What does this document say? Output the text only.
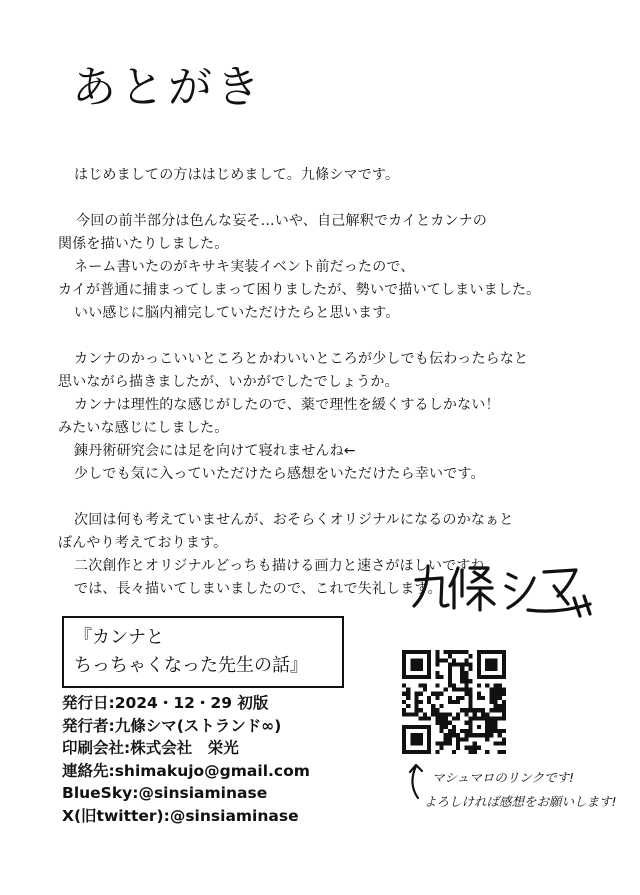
あとがき
はじめましての方ははじめまして。九條シマです。
今回の前半部分は色んな妄そ…いや、自己解釈でカイとカンナの
関係を描いたりしました。
ネーム書いたのがキサキ実装イベント前だったので、
カイが普通に捕まってしまって困りましたが、勢いで描いてしまいました。
いい感じに脳内補完していただけたらと思います。
カンナのかっこいいところとかわいいところが少しでも伝わったらなと
思いながら描きましたが、いかがでしたでしょうか。
カンナは理性的な感じがしたので、薬で理性を緩くするしかない！
みたいな感じにしました。
錬丹術研究会には足を向けて寝れませんね←
少しでも気に入っていただけたら感想をいただけたら幸いです。
次回は何も考えていませんが、おそらくオリジナルになるのかなぁと
ぼんやり考えております。
二次創作とオリジナルどっちも描ける画力と速さがほしいですね。
では、長々描いてしまいましたので、これで失礼します。
『カンナと
ちっちゃくなった先生の話』
発行日:2024・12・29 初版
発行者:九條シマ(ストランド∞)
印刷会社:株式会社　栄光
連絡先:shimakujo@gmail.com
BlueSky:@sinsiaminase
X(旧twitter):@sinsiaminase
マシュマロのリンクです!
よろしければ感想をお願いします!
